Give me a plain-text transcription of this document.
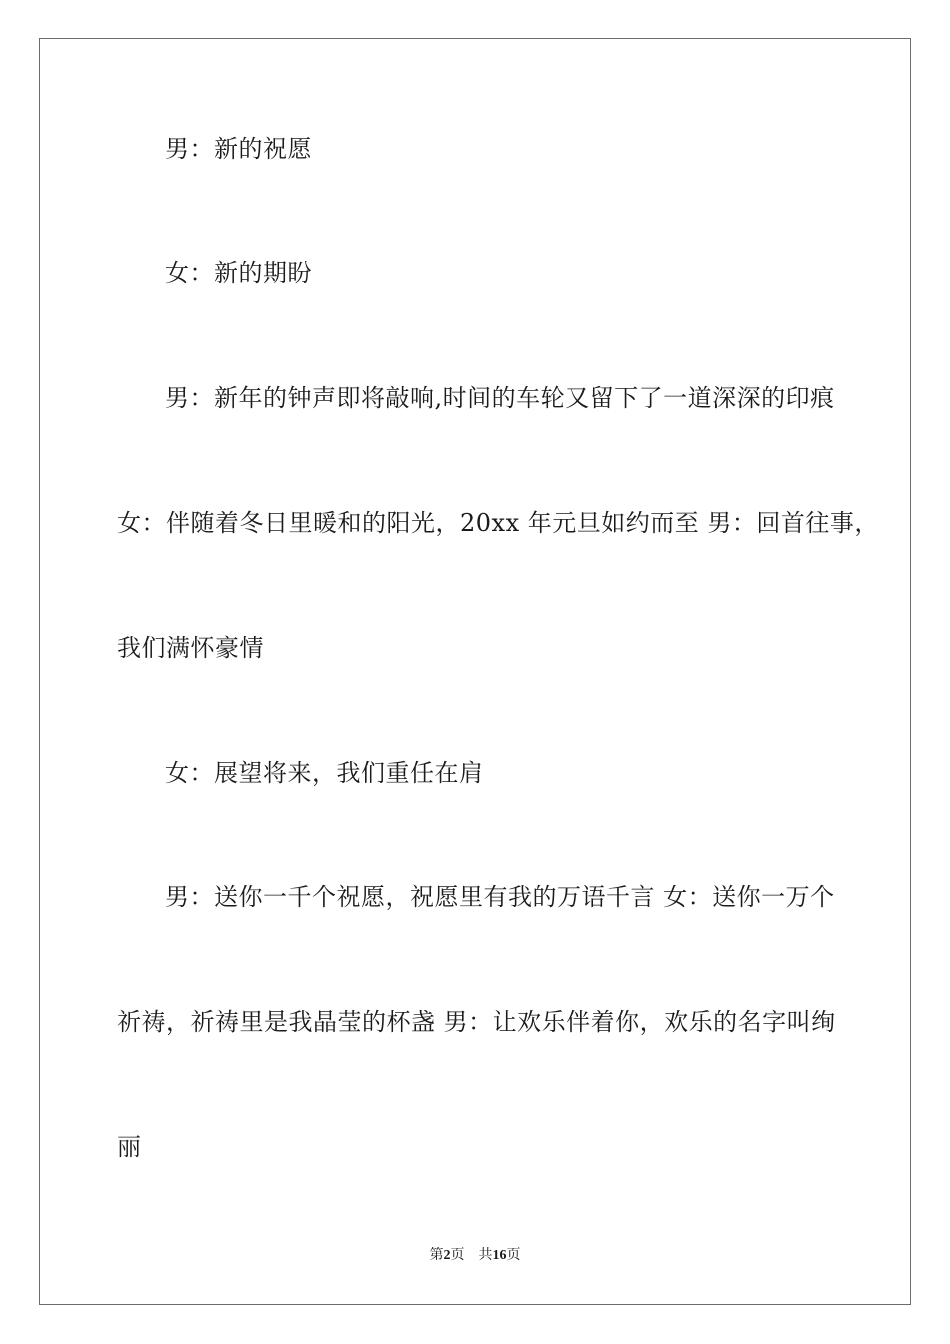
男：新的祝愿
女：新的期盼
男：新年的钟声即将敲响,时间的车轮又留下了一道深深的印痕
女：伴随着冬日里暖和的阳光，20xx 年元旦如约而至 男：回首往事，
我们满怀豪情
女：展望将来，我们重任在肩
男：送你一千个祝愿，祝愿里有我的万语千言 女：送你一万个
祈祷，祈祷里是我晶莹的杯盏 男：让欢乐伴着你，欢乐的名字叫绚
丽
第2页 共16页
